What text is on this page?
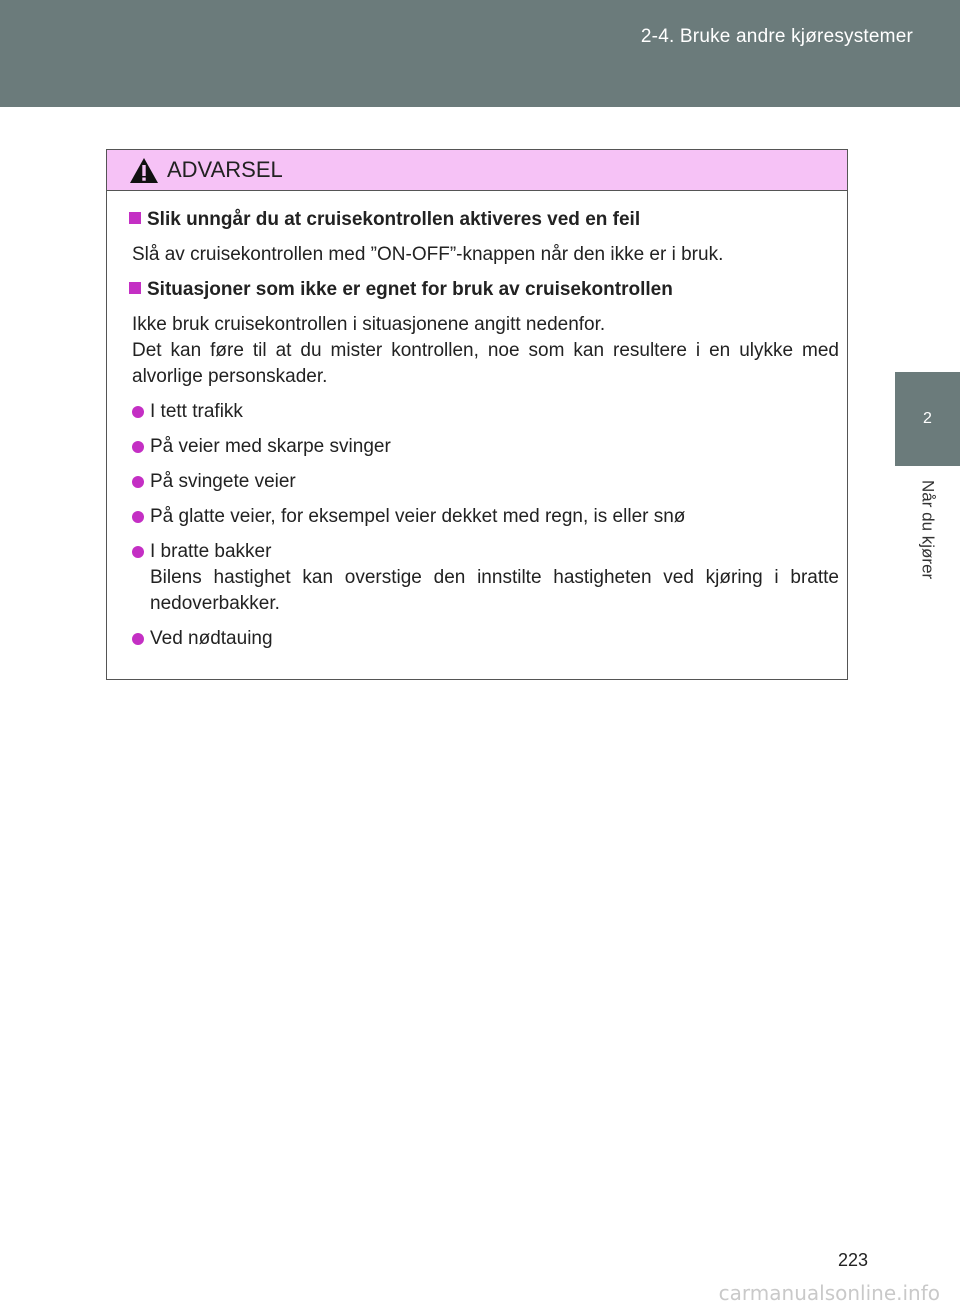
2-4. Bruke andre kjøresystemer
2
Når du kjører
ADVARSEL
Slik unngår du at cruisekontrollen aktiveres ved en feil

Slå av cruisekontrollen med ”ON-OFF”-knappen når den ikke er i bruk.

Situasjoner som ikke er egnet for bruk av cruisekontrollen

Ikke bruk cruisekontrollen i situasjonene angitt nedenfor.

Det kan føre til at du mister kontrollen, noe som kan resultere i en ulykke med alvorlige personskader.

I tett trafikk

På veier med skarpe svinger

På svingete veier

På glatte veier, for eksempel veier dekket med regn, is eller snø

I bratte bakker

Bilens hastighet kan overstige den innstilte hastigheten ved kjøring i bratte nedoverbakker.

Ved nødtauing

223
carmanualsonline.info
